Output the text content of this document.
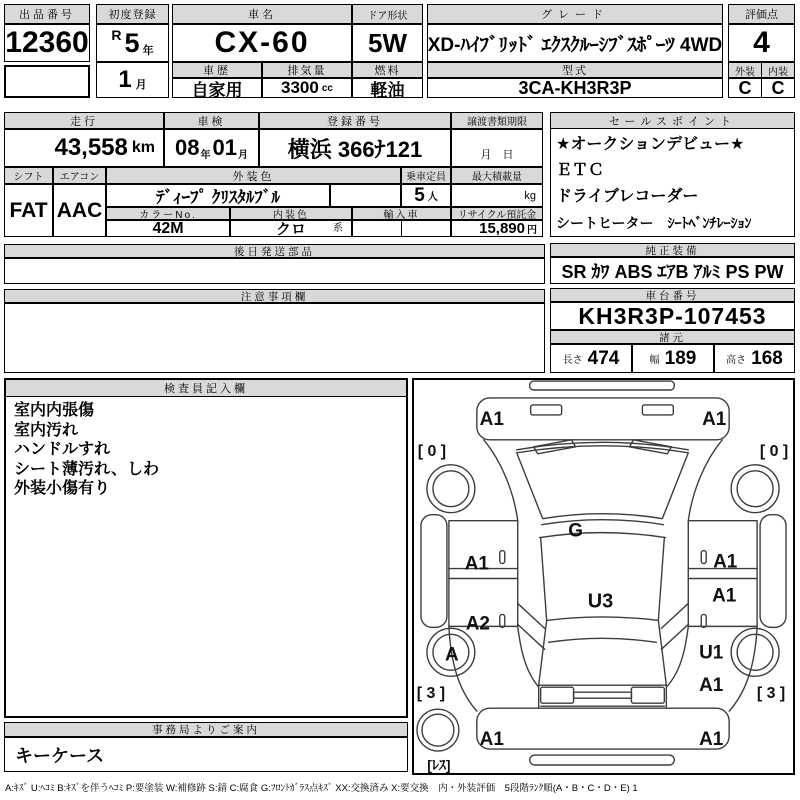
出品番号
12360
初度登録
R 5 年
1 月
車名
CX-60
車歴
自家用
排気量
3300 cc
ドア形状
5W
燃料
軽油
グレード
XD-ﾊｲﾌﾞﾘｯﾄﾞ ｴｸｽｸﾙｰｼﾌﾞｽﾎﾟｰﾂ 4WD
型式
3CA-KH3R3P
評価点
4
外装	内装
C	C
走行
43,558 km
車検
08 年 01 月
登録番号
横浜 366ﾅ121
譲渡書類期限
月　日
シフト	エアコン	外装色	乗車定員	最大積載量
FAT AAC
ﾃﾞｨｰﾌﾟ ｸﾘｽﾀﾙﾌﾞﾙ	5 人	kg
カラーNo.	内装色	輸入車	リサイクル預託金
42M	クロ	系	15,890 円
セールスポイント
★オークションデビュー★
ＥＴＣ
ドライブレコーダー
シートヒーター　ｼｰﾄﾍﾞﾝﾁﾚｰｼｮﾝ
後日発送部品	純正装備
SR ｶﾜ ABS ｴｱB ｱﾙﾐ PS PW
注意事項欄	車台番号
KH3R3P-107453
諸元
長さ 474	幅 189	高さ 168
検査員記入欄
室内内張傷
室内汚れ
ハンドルすれ
シート薄汚れ、しわ
外装小傷有り
事務局よりご案内
キーケース
A1	A1
[ 0 ]	[ 0 ]
G
A1	A1
A1
U3
A2
A	U1
A1
[ 3 ]	[ 3 ]
A1	A1
[ﾚｽ]
A:ｷｽﾞ U:ﾍｺﾐ B:ｷｽﾞを伴うﾍｺﾐ P:要塗装 W:補修跡 S:錆 C:腐食 G:ﾌﾛﾝﾄｶﾞﾗｽ点ｷｽﾞ XX:交換済み X:要交換　内・外装評価　5段階ﾗﾝｸ順(A・B・C・D・E) 1
